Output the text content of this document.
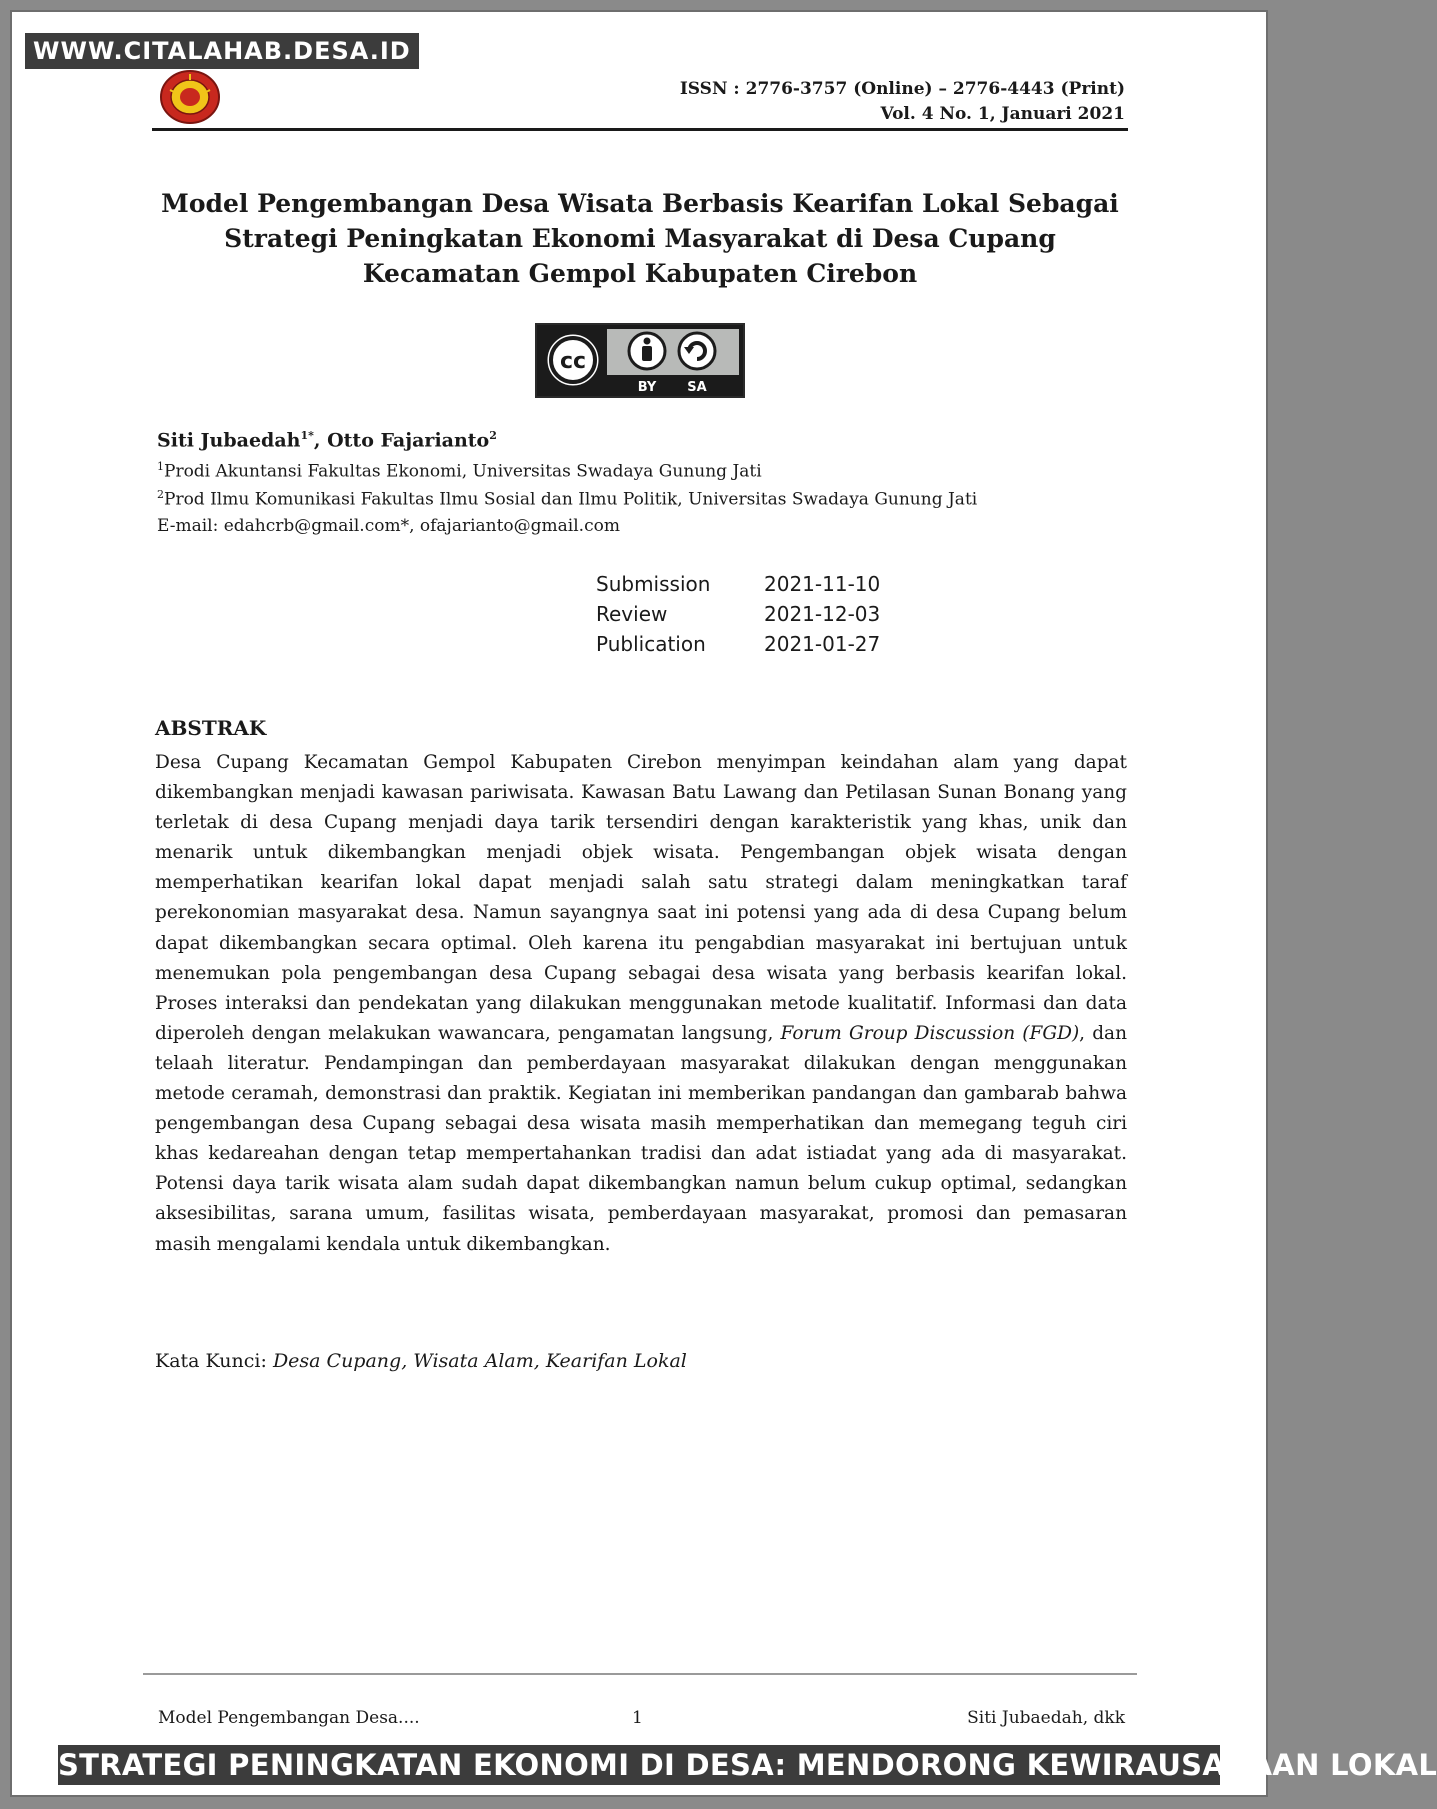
WWW.CITALAHAB.DESA.ID
ISSN : 2776-3757 (Online) – 2776-4443 (Print)
Vol. 4 No. 1, Januari 2021
Model Pengembangan Desa Wisata Berbasis Kearifan Lokal Sebagai
Strategi Peningkatan Ekonomi Masyarakat di Desa Cupang
Kecamatan Gempol Kabupaten Cirebon
cc
BY SA
Siti Jubaedah$^{1*}$, Otto Fajarianto$^2$
$^1$Prodi Akuntansi Fakultas Ekonomi, Universitas Swadaya Gunung Jati
$^2$Prod Ilmu Komunikasi Fakultas Ilmu Sosial dan Ilmu Politik, Universitas Swadaya Gunung Jati
E-mail: edahcrb@gmail.com*, ofajarianto@gmail.com
Submission	2021-11-10
Review	2021-12-03
Publication	2021-01-27
ABSTRAK
Desa Cupang Kecamatan Gempol Kabupaten Cirebon menyimpan keindahan alam yang dapat dikembangkan menjadi kawasan pariwisata. Kawasan Batu Lawang dan Petilasan Sunan Bonang yang terletak di desa Cupang menjadi daya tarik tersendiri dengan karakteristik yang khas, unik dan menarik untuk dikembangkan menjadi objek wisata. Pengembangan objek wisata dengan memperhatikan kearifan lokal dapat menjadi salah satu strategi dalam meningkatkan taraf perekonomian masyarakat desa. Namun sayangnya saat ini potensi yang ada di desa Cupang belum dapat dikembangkan secara optimal. Oleh karena itu pengabdian masyarakat ini bertujuan untuk menemukan pola pengembangan desa Cupang sebagai desa wisata yang berbasis kearifan lokal. Proses interaksi dan pendekatan yang dilakukan menggunakan metode kualitatif. Informasi dan data diperoleh dengan melakukan wawancara, pengamatan langsung, Forum Group Discussion (FGD), dan telaah literatur. Pendampingan dan pemberdayaan masyarakat dilakukan dengan menggunakan metode ceramah, demonstrasi dan praktik. Kegiatan ini memberikan pandangan dan gambarab bahwa pengembangan desa Cupang sebagai desa wisata masih memperhatikan dan memegang teguh ciri khas kedareahan dengan tetap mempertahankan tradisi dan adat istiadat yang ada di masyarakat. Potensi daya tarik wisata alam sudah dapat dikembangkan namun belum cukup optimal, sedangkan aksesibilitas, sarana umum, fasilitas wisata, pemberdayaan masyarakat, promosi dan pemasaran masih mengalami kendala untuk dikembangkan.
Kata Kunci: Desa Cupang, Wisata Alam, Kearifan Lokal
Model Pengembangan Desa....	1	Siti Jubaedah, dkk
STRATEGI PENINGKATAN EKONOMI DI DESA: MENDORONG KEWIRAUSAHAAN LOKAL
